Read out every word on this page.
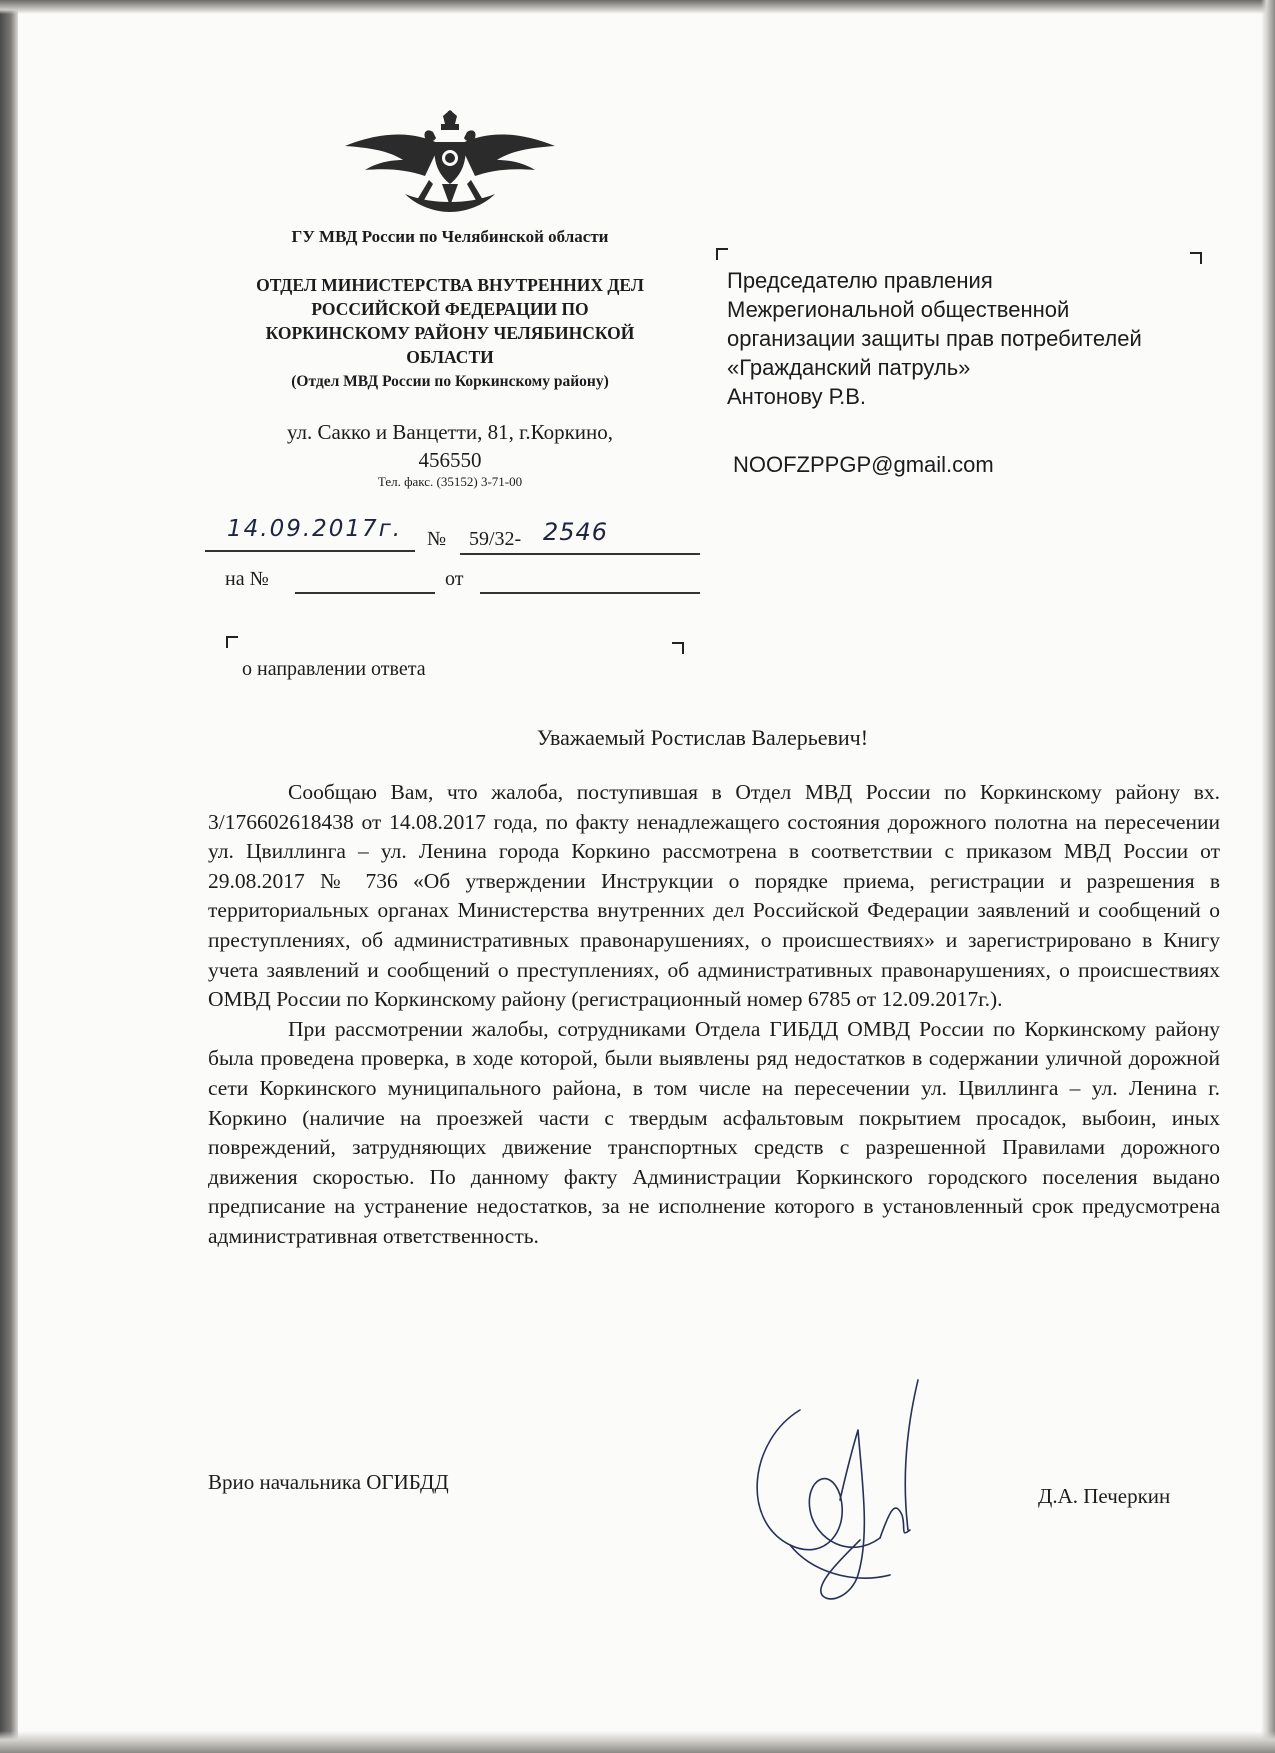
ГУ МВД России по Челябинской области
ОТДЕЛ МИНИСТЕРСТВА ВНУТРЕННИХ ДЕЛ
РОССИЙСКОЙ ФЕДЕРАЦИИ ПО
КОРКИНСКОМУ РАЙОНУ ЧЕЛЯБИНСКОЙ
ОБЛАСТИ
(Отдел МВД России по Коркинскому району)
ул. Сакко и Ванцетти, 81, г.Коркино,
456550
Тел. факс. (35152) 3-71-00
14.09.2017г. № 59/32- 2546
на №	от
о направлении ответа
Председателю правления
Межрегиональной общественной
организации защиты прав потребителей
«Гражданский патруль»
Антонову Р.В.
NOOFZPPGP@gmail.com
Уважаемый Ростислав Валерьевич!

Сообщаю Вам, что жалоба, поступившая в Отдел МВД России по Коркинскому району вх. 3/176602618438 от 14.08.2017 года, по факту ненадлежащего состояния дорожного полотна на пересечении ул. Цвиллинга – ул. Ленина города Коркино рассмотрена в соответствии с приказом МВД России от 29.08.2017 № 736 «Об утверждении Инструкции о порядке приема, регистрации и разрешения в территориальных органах Министерства внутренних дел Российской Федерации заявлений и сообщений о преступлениях, об административных правонарушениях, о происшествиях» и зарегистрировано в Книгу учета заявлений и сообщений о преступлениях, об административных правонарушениях, о происшествиях ОМВД России по Коркинскому району (регистрационный номер 6785 от 12.09.2017г.).

При рассмотрении жалобы, сотрудниками Отдела ГИБДД ОМВД России по Коркинскому району была проведена проверка, в ходе которой, были выявлены ряд недостатков в содержании уличной дорожной сети Коркинского муниципального района, в том числе на пересечении ул. Цвиллинга – ул. Ленина г. Коркино (наличие на проезжей части с твердым асфальтовым покрытием просадок, выбоин, иных повреждений, затрудняющих движение транспортных средств с разрешенной Правилами дорожного движения скоростью. По данному факту Администрации Коркинского городского поселения выдано предписание на устранение недостатков, за не исполнение которого в установленный срок предусмотрена административная ответственность.

Врио начальника ОГИБДД
Д.А. Печеркин
